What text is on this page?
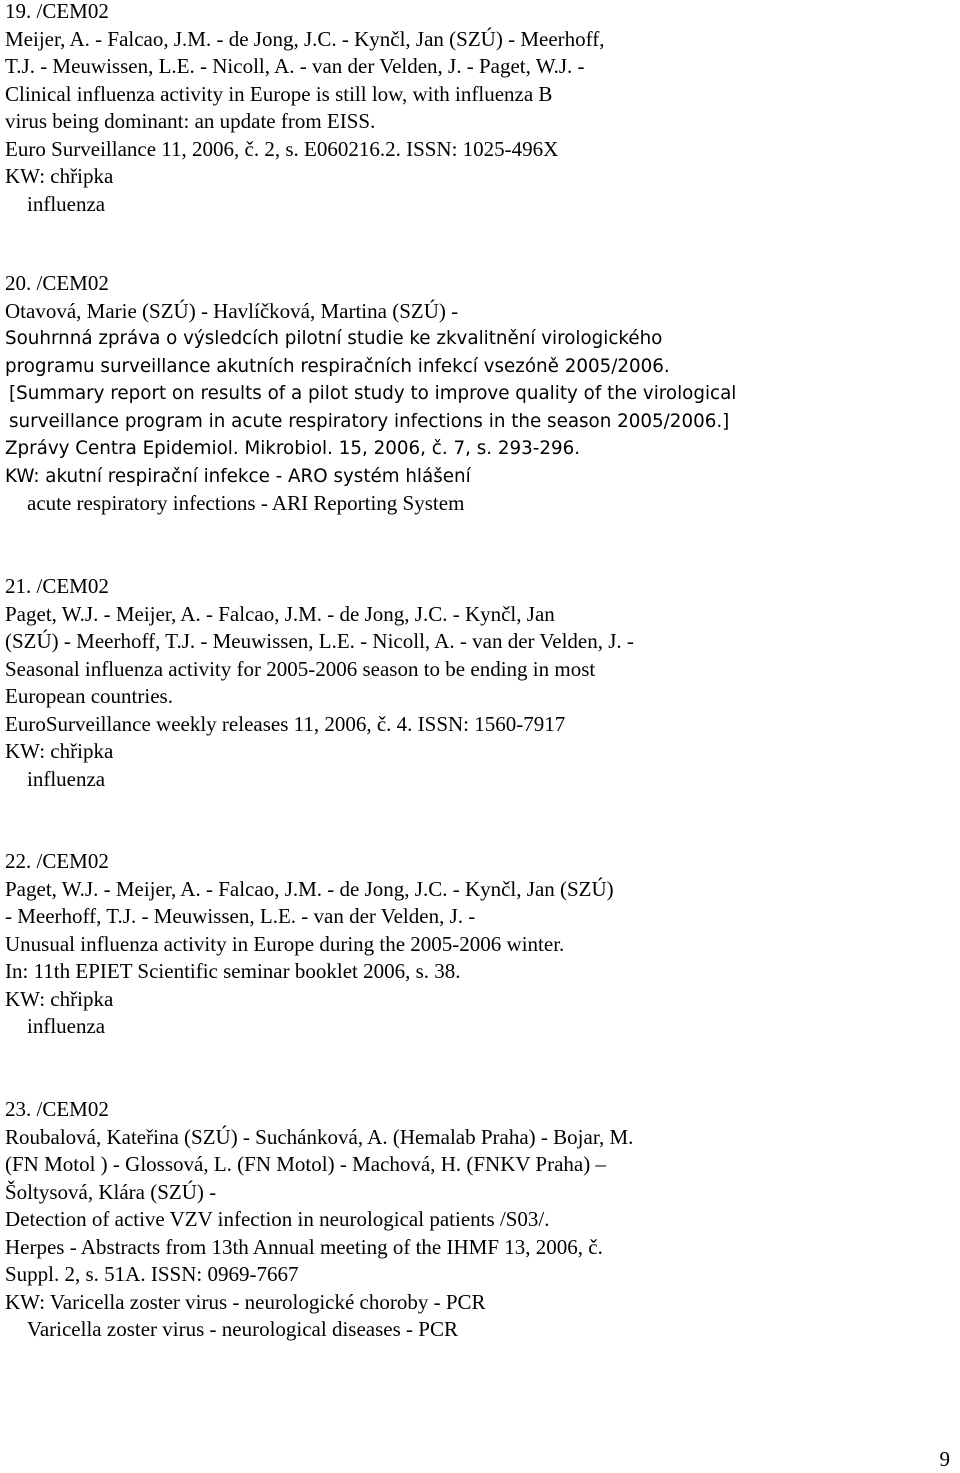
19. /CEM02
Meijer, A. - Falcao, J.M. - de Jong, J.C. - Kynčl, Jan (SZÚ) - Meerhoff,
T.J. - Meuwissen, L.E. - Nicoll, A. - van der Velden, J. - Paget, W.J. -
Clinical influenza activity in Europe is still low, with influenza B
virus being dominant: an update from EISS.
Euro Surveillance 11, 2006, č. 2, s. E060216.2. ISSN: 1025-496X
KW: chřipka
influenza
20. /CEM02
Otavová, Marie (SZÚ) - Havlíčková, Martina (SZÚ) -
Souhrnná zpráva o výsledcích pilotní studie ke zkvalitnění virologického
programu surveillance akutních respiračních infekcí vsezóně 2005/2006.
[Summary report on results of a pilot study to improve quality of the virological
surveillance program in acute respiratory infections in the season 2005/2006.]
Zprávy Centra Epidemiol. Mikrobiol. 15, 2006, č. 7, s. 293-296.
KW: akutní respirační infekce - ARO systém hlášení
acute respiratory infections - ARI Reporting System
21. /CEM02
Paget, W.J. - Meijer, A. - Falcao, J.M. - de Jong, J.C. - Kynčl, Jan
(SZÚ) - Meerhoff, T.J. - Meuwissen, L.E. - Nicoll, A. - van der Velden, J. -
Seasonal influenza activity for 2005-2006 season to be ending in most
European countries.
EuroSurveillance weekly releases 11, 2006, č. 4. ISSN: 1560-7917
KW: chřipka
influenza
22. /CEM02
Paget, W.J. - Meijer, A. - Falcao, J.M. - de Jong, J.C. - Kynčl, Jan (SZÚ)
- Meerhoff, T.J. - Meuwissen, L.E. - van der Velden, J. -
Unusual influenza activity in Europe during the 2005-2006 winter.
In: 11th EPIET Scientific seminar booklet 2006, s. 38.
KW: chřipka
influenza
23. /CEM02
Roubalová, Kateřina (SZÚ) - Suchánková, A. (Hemalab Praha) - Bojar, M.
(FN Motol ) - Glossová, L. (FN Motol) - Machová, H. (FNKV Praha) –
Šoltysová, Klára (SZÚ) -
Detection of active VZV infection in neurological patients /S03/.
Herpes - Abstracts from 13th Annual meeting of the IHMF 13, 2006, č.
Suppl. 2, s. 51A. ISSN: 0969-7667
KW: Varicella zoster virus - neurologické choroby - PCR
Varicella zoster virus - neurological diseases - PCR
9
